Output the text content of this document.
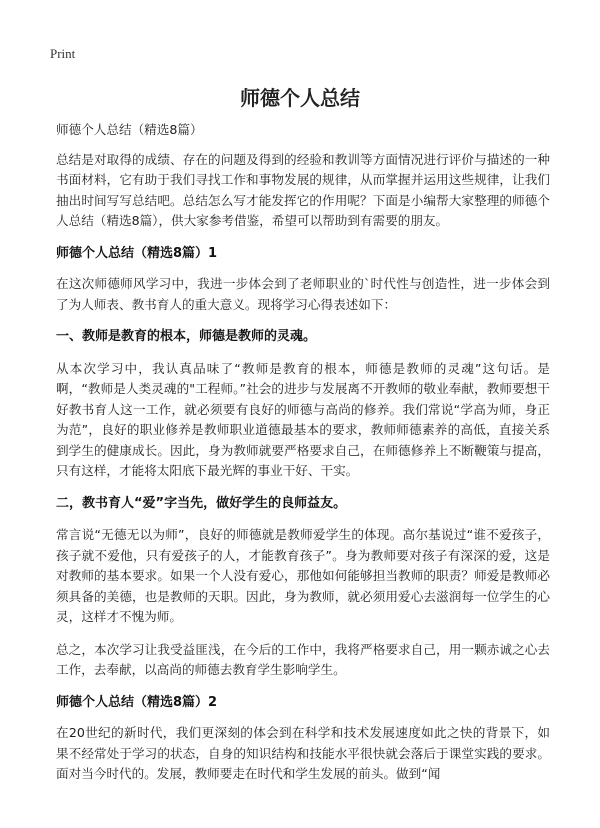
Print
师德个人总结

师德个人总结（精选8篇）

总结是对取得的成绩、存在的问题及得到的经验和教训等方面情况进行评价与描述的一种书面材料，它有助于我们寻找工作和事物发展的规律，从而掌握并运用这些规律，让我们抽出时间写写总结吧。总结怎么写才能发挥它的作用呢？下面是小编帮大家整理的师德个人总结（精选8篇），供大家参考借鉴，希望可以帮助到有需要的朋友。

师德个人总结（精选8篇）1

在这次师德师风学习中，我进一步体会到了老师职业的`时代性与创造性，进一步体会到了为人师表、教书育人的重大意义。现将学习心得表述如下：

一、教师是教育的根本，师德是教师的灵魂。

从本次学习中，我认真品味了“教师是教育的根本，师德是教师的灵魂”这句话。是啊，“教师是人类灵魂的"工程师。”社会的进步与发展离不开教师的敬业奉献，教师要想干好教书育人这一工作，就必须要有良好的师德与高尚的修养。我们常说“学高为师，身正为范”，良好的职业修养是教师职业道德最基本的要求，教师师德素养的高低，直接关系到学生的健康成长。因此，身为教师就要严格要求自己，在师德修养上不断鞭策与提高，只有这样，才能将太阳底下最光辉的事业干好、干实。

二，教书育人“爱”字当先，做好学生的良师益友。

常言说“无德无以为师”，良好的师德就是教师爱学生的体现。高尔基说过“谁不爱孩子，孩子就不爱他，只有爱孩子的人，才能教育孩子”。身为教师要对孩子有深深的爱，这是对教师的基本要求。如果一个人没有爱心，那他如何能够担当教师的职责？师爱是教师必须具备的美德，也是教师的天职。因此，身为教师，就必须用爱心去滋润每一位学生的心灵，这样才不愧为师。

总之，本次学习让我受益匪浅，在今后的工作中，我将严格要求自己，用一颗赤诚之心去工作，去奉献，以高尚的师德去教育学生影响学生。

师德个人总结（精选8篇）2

在20世纪的新时代，我们更深刻的体会到在科学和技术发展速度如此之快的背景下，如果不经常处于学习的状态，自身的知识结构和技能水平很快就会落后于课堂实践的要求。面对当今时代的。发展，教师要走在时代和学生发展的前头。做到“闻
